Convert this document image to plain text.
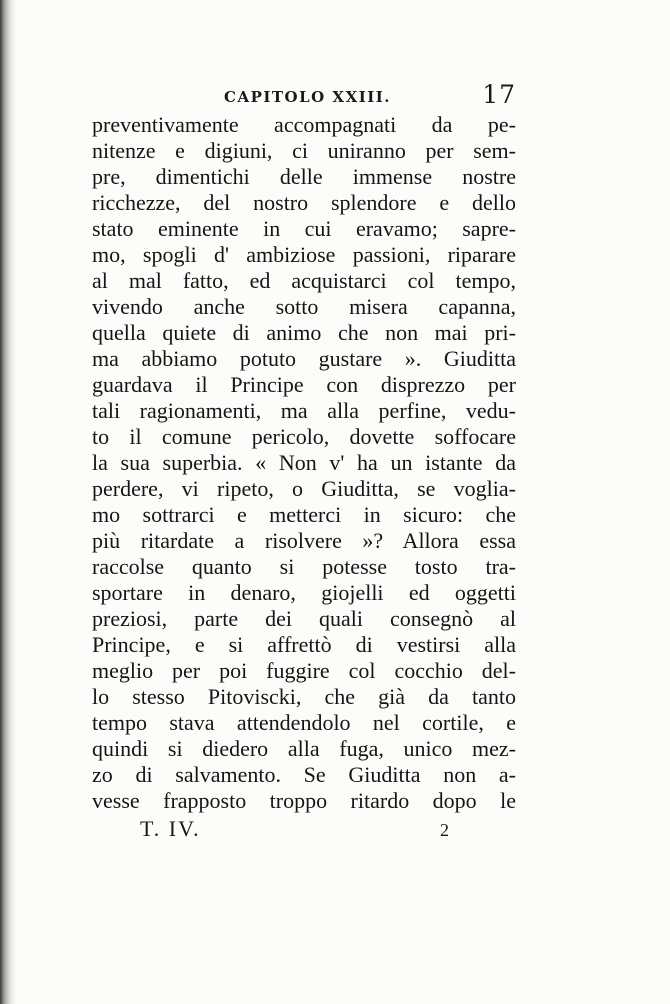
CAPITOLO XXIII.	17
preventivamente accompagnati da pe-
nitenze e digiuni, ci uniranno per sem-
pre, dimentichi delle immense nostre
ricchezze, del nostro splendore e dello
stato eminente in cui eravamo; sapre-
mo, spogli d' ambiziose passioni, riparare
al mal fatto, ed acquistarci col tempo,
vivendo anche sotto misera capanna,
quella quiete di animo che non mai pri-
ma abbiamo potuto gustare ». Giuditta
guardava il Principe con disprezzo per
tali ragionamenti, ma alla perfine, vedu-
to il comune pericolo, dovette soffocare
la sua superbia. « Non v' ha un istante da
perdere, vi ripeto, o Giuditta, se voglia-
mo sottrarci e metterci in sicuro: che
più ritardate a risolvere »? Allora essa
raccolse quanto si potesse tosto tra-
sportare in denaro, giojelli ed oggetti
preziosi, parte dei quali consegnò al
Principe, e si affrettò di vestirsi alla
meglio per poi fuggire col cocchio del-
lo stesso Pitoviscki, che già da tanto
tempo stava attendendolo nel cortile, e
quindi si diedero alla fuga, unico mez-
zo di salvamento. Se Giuditta non a-
vesse frapposto troppo ritardo dopo le
T. IV.	2
